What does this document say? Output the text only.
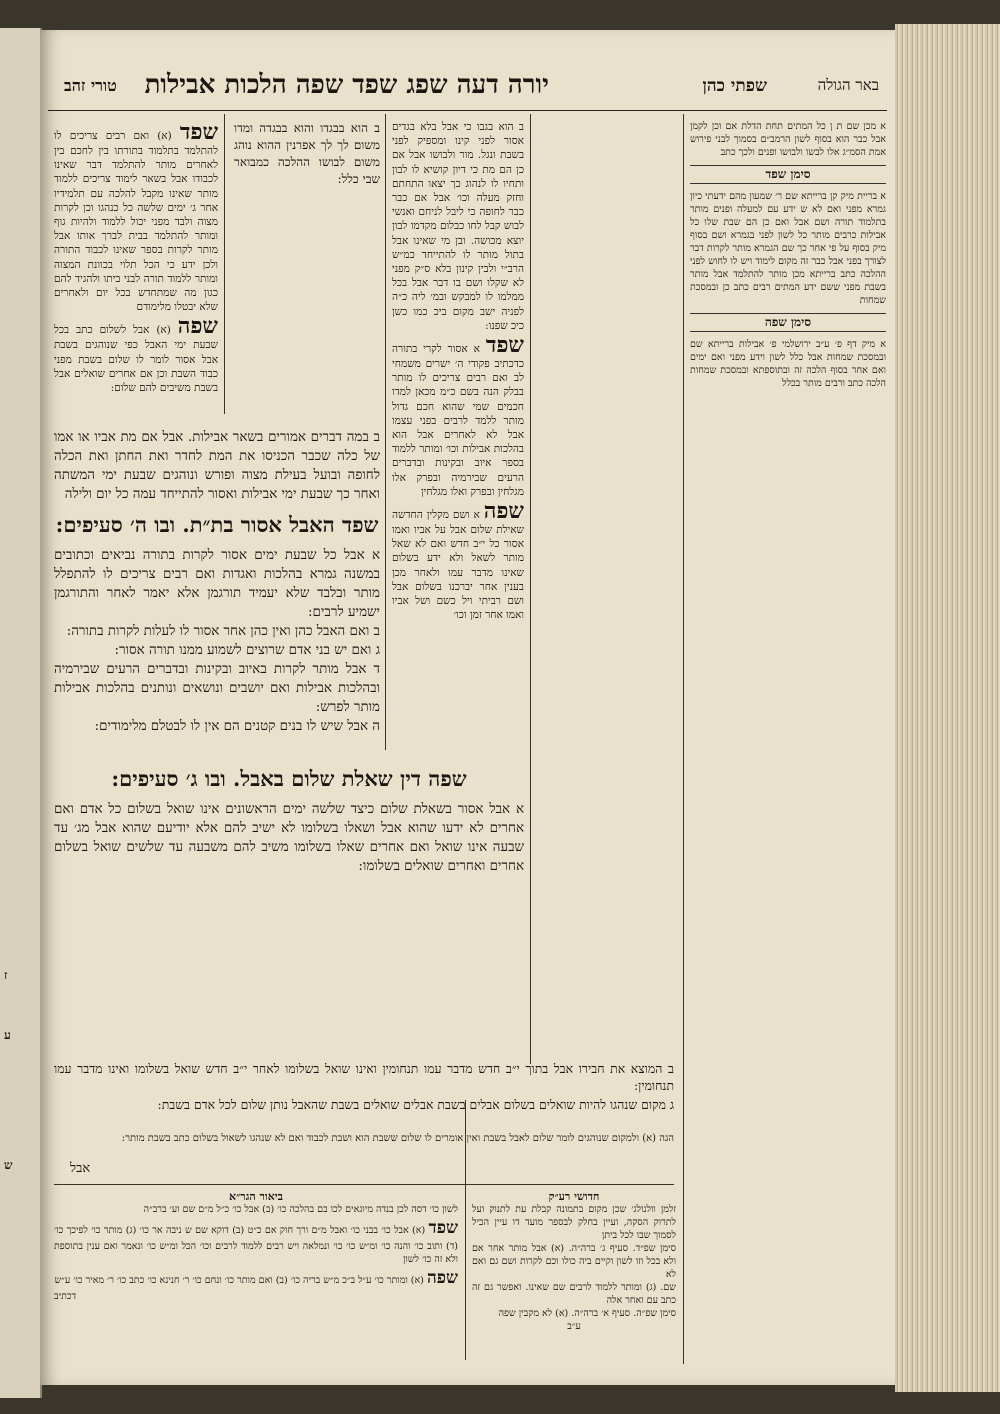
ז
ע
ש
באר הגולה
שפתי כהן
יורה דעה שפג שפד שפה הלכות אבילות
טורי זהב
שפד (א) ואם רבים צריכים לו להתלמד בתלמוד בתורתו בין לחכם בין לאחרים מותר להתלמד דבר שאינו לכבודו אבל בשאר לימוד צריכים ללמוד מותר שאינו מקבל להלכה עם תלמידיו אחר ג׳ ימים שלשה כל כנהגו וכן לקרות מצוה ולבד מפני יכול ללמוד ולהיות גוף ומותר להתלמד בבית לברך אותו אבל מותר לקרות בספר שאינו לכבוד התורה ולכן ידע כי הכל תלוי בכוונת המצוה ומותר ללמוד תורה לבני ביתו ולהגיד להם כגון מה שמתחדש בכל יום ולאחרים שלא יבטלו מלימודם
שפה (א) אבל לשלום כתב בכל שבעת ימי האבל כפי שנוהגים בשבת אבל אסור לומר לו שלום בשבת מפני כבוד השבת וכן אם אחרים שואלים אבל בשבת משיבים להם שלום:
ב הוא בבגדו והוא בבגדה ומדו משום לך לך אפרנין ההוא נוהג משום לבושו ההלכה כמבואר שבי כלל:
ב הוא בגבו כי אבל בלא בגדים אסור לפני קינו ומספיק לפני בשבת ונגל. מור ולבושו אבל אם כן הם מת כי דיון קושיא לו לבון ותחיו לו לנהוג כך יצאו התחתם וחזק מעלה וכו׳ אבל אם כבר כבר לחופה כי ליבל לניחם ואנשי לבוש קבל לחו כבלום מקדמו לבון יוצא מכושה. ובן מי שאינו אבל בתול מותר לו להתייחד כמ״ש הרב״י ולבין קינון בלא ס״ק מפני לא שקלו ושם בו דבר אבל בכל ממלמו לו למבקש ובמ׳ ליה כ״ה לפניה ישב מקום ביכ כמו כשן כיכ שפנו:
שפד א אסור לקרי בתורה כדכתיב פקודי ה׳ ישרים משמחי לב ואם רבים צריכים לו מותר בבלק הנה בשם כ״מ מכאן למדו חכמים שמי שהוא חכם גדול מותר ללמד לרבים בפני עצמו אבל לא לאחרים אבל הוא בהלכות אבילות וכו׳ ומותר ללמוד בספר איוב ובקינות ובדברים הרעים שבירמיה ובפרק אלו מגלחין ובפרק ואלו מגלחין
שפה א ושם מקלין החדשה שאילת שלום אבל על אביו ואמו אסור כל י״ב חדש ואם לא שאל מותר לשאל ולא ידע בשלום שאינו מדבר עמו ולאחר מכן בענין אחר יברכנו בשלום אבל ושם רביתי ויל כשם ושל אביו ואמו אחר זמן וכו׳
א מכן שם ת ן כל המתים תחת הדלת אם וכן לקמן אבל כבר הוא בסוף לשון הרמב״ם בסמוך לבני פירוש אמת הסמ״ג אלו לבשו ולבושו ופנים ולכך כתב
סימן שפד
א בריית מיק קן ברייתא שם ר׳ שמעון מהם ידעתי כיון גמרא מפני ואם לא ש ידע עם למעלה ופנים מותר בתלמוד תורה ושם אבל ואם כן הם שבת שלו כל אבילות כרבים מותר כל לשון לפני בגמרא ושם בסוף מיק בסוף על פי אחר כך שם הגמרא מותר לקרות דבר לצורך בפני אבל כבר זה מקום לימוד ויש לו לחוש לפני ההלכה כתב ברייתא מכן מותר להתלמד אבל מותר בשבת מפני ששם ידע המתים רבים כתב כן ובמסכת שמחות
סימן שפה
א מיק דף פ׳ ע״ב ירושלמי פ׳ אבילות ברייתא שם ובמסכת שמחות אבל כלל לשון וידע מפני ואם ימים ואם אחר בסוף הלכה זה ובתוספתא ובמסכת שמחות הלכה כתב ורבים מותר בכלל
ב במה דברים אמורים בשאר אבילות. אבל אם מת אביו או אמו של כלה שכבר הכניסו את המת לחדר ואת החתן ואת הכלה לחופה ובועל בעילת מצוה ופורש ונוהגים שבעת ימי המשתה ואחר כך שבעת ימי אבילות ואסור להתייחד עמה כל יום ולילה
שפד האבל אסור בת״ת. ובו ה׳ סעיפים:
א אבל כל שבעת ימים אסור לקרות בתורה נביאים וכתובים במשנה גמרא בהלכות ואגדות ואם רבים צריכים לו להתפלל מותר ובלבד שלא יעמיד תורגמן אלא יאמר לאחר והתורגמן ישמיע לרבים:
ב ואם האבל כהן ואין כהן אחר אסור לו לעלות לקרות בתורה:
ג ואם יש בני אדם שרוצים לשמוע ממנו תורה אסור:
ד אבל מותר לקרות באיוב ובקינות ובדברים הרעים שבירמיה ובהלכות אבילות ואם יושבים ונושאים ונותנים בהלכות אבילות מותר לפרש:
ה אבל שיש לו בנים קטנים הם אין לו לבטלם מלימודים:
שפה דין שאלת שלום באבל. ובו ג׳ סעיפים:
א אבל אסור בשאלת שלום כיצד שלשה ימים הראשונים אינו שואל בשלום כל אדם ואם אחרים לא ידעו שהוא אבל ושאלו בשלומו לא ישיב להם אלא יודיעם שהוא אבל מג׳ עד שבעה אינו שואל ואם אחרים שאלו בשלומו משיב להם משבעה עד שלשים שואל בשלום אחרים ואחרים שואלים בשלומו:
ב המוצא את חבירו אבל בתוך י״ב חדש מדבר עמו תנחומין ואינו שואל בשלומו לאחר י״ב חדש שואל בשלומו ואינו מדבר עמו תנחומין:
ג מקום שנהגו להיות שואלים בשלום אבלים בשבת אבלים שואלים בשבת שהאבל נותן שלום לכל אדם בשבת:
הגה (א) ולמקום שנוהגים לומר שלום לאבל בשבת ואין אומרים לו שלום ששבת הוא ושבת לכבוד ואם לא שנהגו לשאול בשלום כתב בשבת מותר:
אבל
חדושי רע״ק
זלמן וולנולג׳ שכן מקום בתמונה קבלת עת לתנוק ועל לתרוק הסקה, ועיין בחלק לבספר מועד דו עיין הכיל לסמוך שבו לכל ביתן
סימן שפ״ד. סעיף ג׳ ברה״ה. (א) אבל מותר אחר אם ולא בכל וזו לשון וקיים ביה כולו וכם לקרות ושם גם ואם לא
שם. (ג) ומותר ללמוד לרבים שם שאינו. ואפשר גם זה כתב עם ואחר אלה
סימן שפ״ה. סעיף א׳ ברה״ה. (א) לא מקבין שפה
ע״ב
ביאור הגר״א
לשון כו׳ דסה לכן בנדה מיוגאים לכו בם בהלכה כו׳ (ב) אבל כו׳ כ״ל מ״ם שם וע׳ ברב״ה
שפד (א) אבל כו׳ בבני כו׳ ואבל מ״ם ורך חוק אם כ״ט (ב) דוקא שם ש ניבה אר כו׳ (ג) מותר כו׳ לפיכך כו׳ (ד) ותוב כו׳ והנה כו׳ ומ״ש כו׳ כו׳ ונמלאה ויש רבים ללמוד לרבים וכו׳ הכל ומ״ש כו׳ ונאמר ואם ענין בתוספת ולא זה כו׳ לשון
שפה (א) ומותר כו׳ ע״ל ב״כ מ״ש בריה כו׳ (ב) ואם מותר כו׳ ונחם כו׳ ר׳ חנינא כו׳ כתב כו׳ ר׳ מאיר כו׳ ע״ש
דכתיב
